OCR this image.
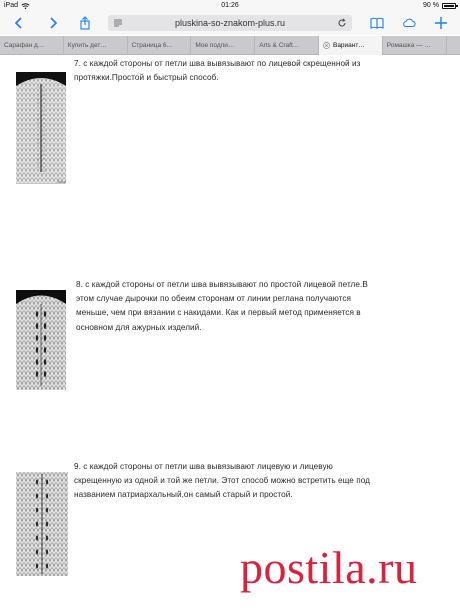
iPad	01:26	90 %
pluskina-so-znakom-plus.ru
Сарафан д…	Купить дет…	Страница 6…	Мое подпи…	Arts & Craft…	Вариант…	Ромашка — …
Лиса

7. с каждой стороны от петли шва вывязывают по лицевой скрещенной из протяжки.Простой и быстрый способ.

8. с каждой стороны от петли шва вывязывают по простой лицевой петле.В этом случае дырочки по обеим сторонам от линии реглана получаются меньше, чем при вязании с накидами. Как и первый метод применяется в основном для ажурных изделий.

9. с каждой стороны от петли шва вывязывают лицевую и лицевую скрещенную из одной и той же петли. Этот способ можно встретить еще под названием патриархальный,он самый старый и простой.

postila.ru
